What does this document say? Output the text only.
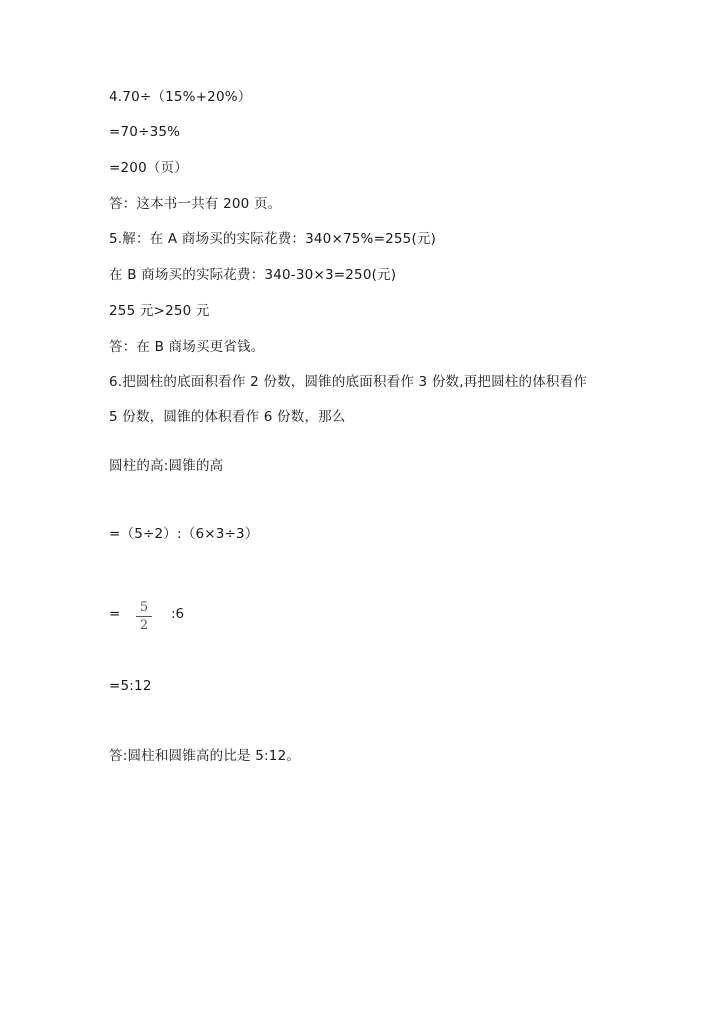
4.70÷（15%+20%）
=70÷35%
=200（页）
答：这本书一共有 200 页。
5.解：在 A 商场买的实际花费：340×75%=255(元)
在 B 商场买的实际花费：340-30×3=250(元)
255 元>250 元
答：在 B 商场买更省钱。
6.把圆柱的底面积看作 2 份数，圆锥的底面积看作 3 份数,再把圆柱的体积看作
5 份数，圆锥的体积看作 6 份数，那么
圆柱的高:圆锥的高
=（5÷2）:（6×3÷3）
= 5
2
:6
=5:12
答:圆柱和圆锥高的比是 5:12。
